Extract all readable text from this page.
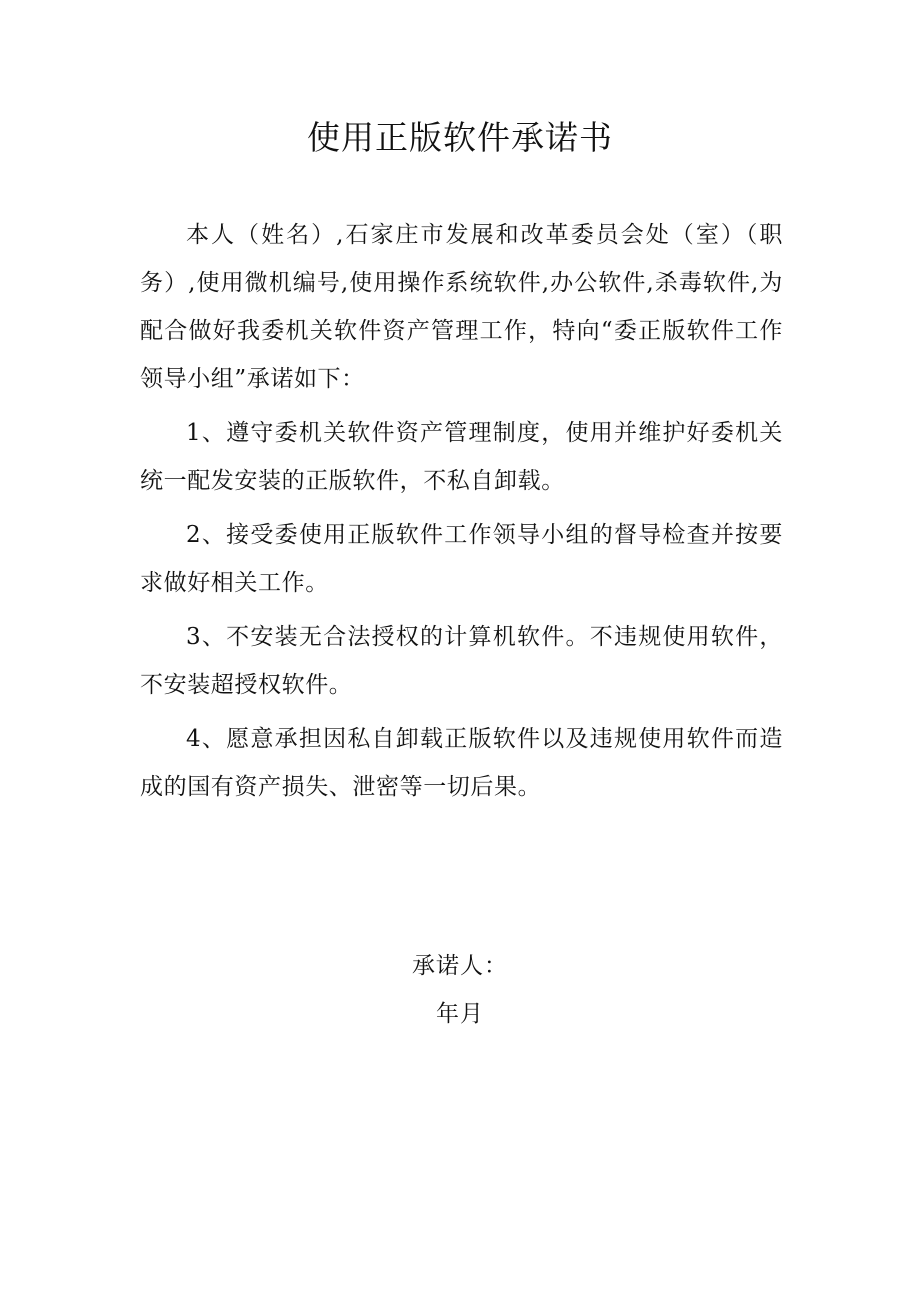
使用正版软件承诺书

本人（姓名）,石家庄市发展和改革委员会处（室）（职务）,使用微机编号,使用操作系统软件,办公软件,杀毒软件,为配合做好我委机关软件资产管理工作，特向“委正版软件工作领导小组”承诺如下：

1、遵守委机关软件资产管理制度，使用并维护好委机关统一配发安装的正版软件，不私自卸载。

2、接受委使用正版软件工作领导小组的督导检查并按要求做好相关工作。

3、不安装无合法授权的计算机软件。不违规使用软件，不安装超授权软件。

4、愿意承担因私自卸载正版软件以及违规使用软件而造成的国有资产损失、泄密等一切后果。

承诺人：
年月
